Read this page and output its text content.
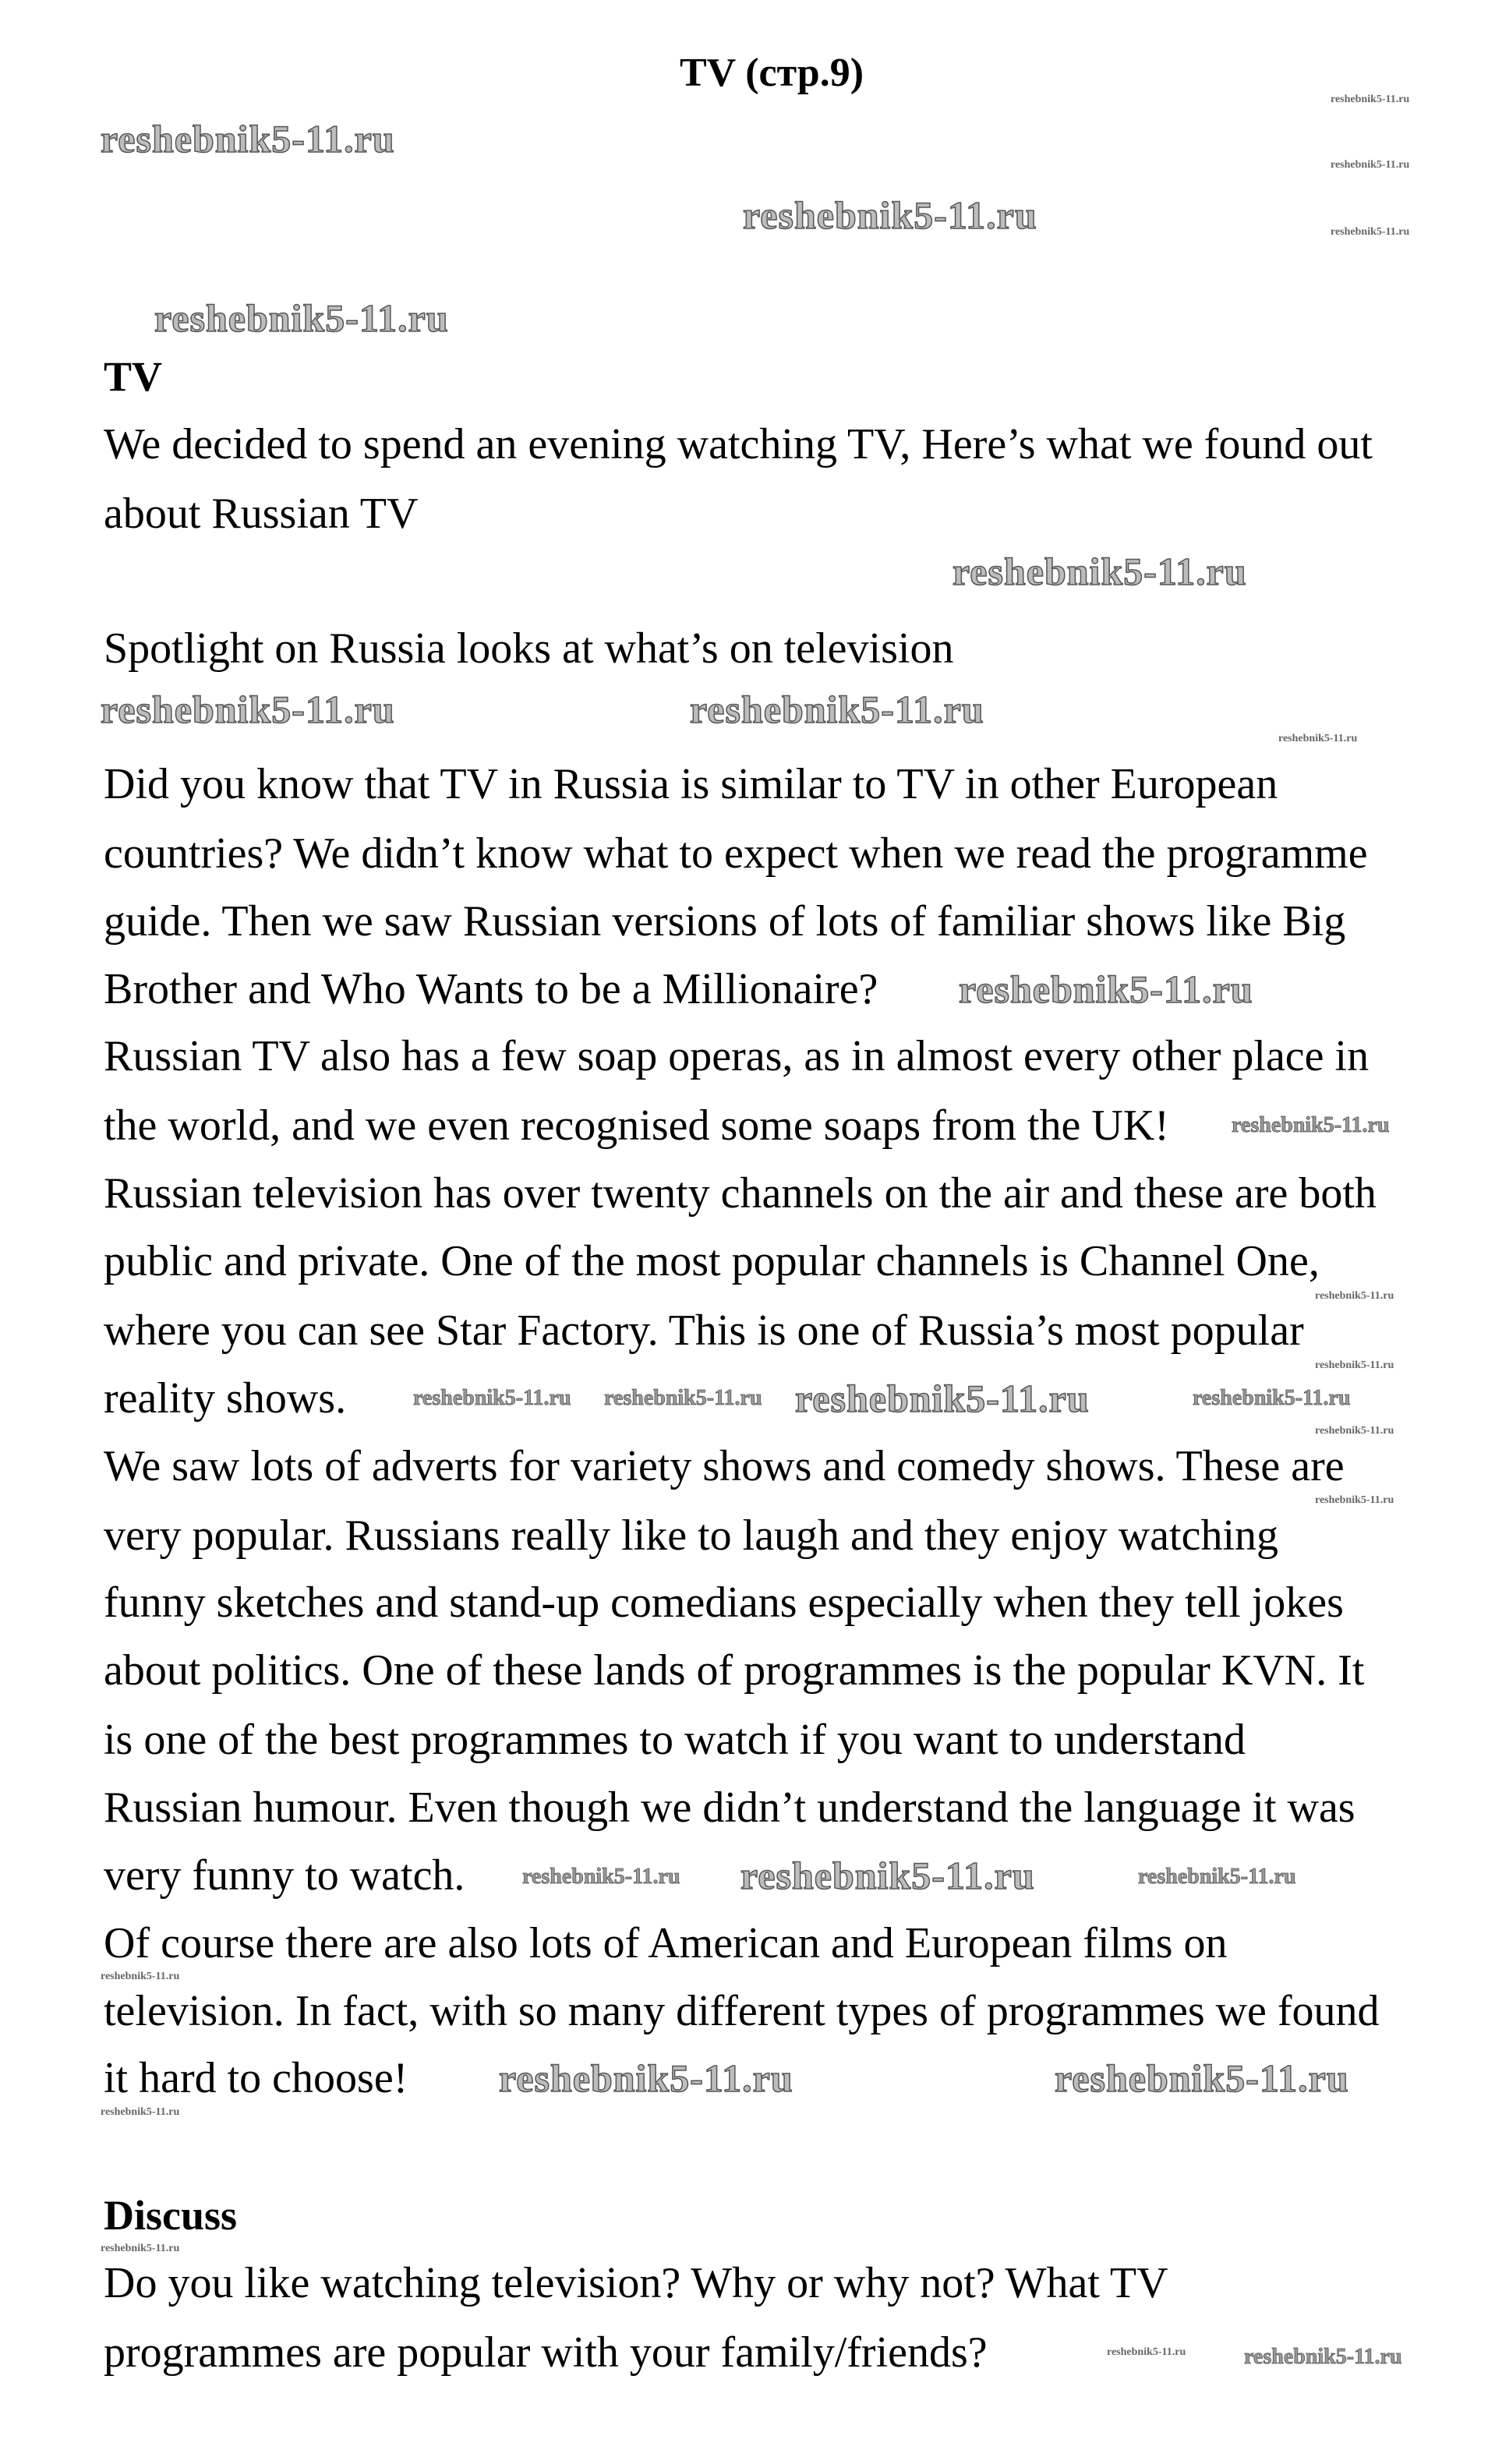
TV (стр.9)
TV
We decided to spend an evening watching TV, Here’s what we found out
about Russian TV
Spotlight on Russia looks at what’s on television
Did you know that TV in Russia is similar to TV in other European
countries? We didn’t know what to expect when we read the programme
guide. Then we saw Russian versions of lots of familiar shows like Big
Brother and Who Wants to be a Millionaire?
Russian TV also has a few soap operas, as in almost every other place in
the world, and we even recognised some soaps from the UK!
Russian television has over twenty channels on the air and these are both
public and private. One of the most popular channels is Channel One,
where you can see Star Factory. This is one of Russia’s most popular
reality shows.
We saw lots of adverts for variety shows and comedy shows. These are
very popular. Russians really like to laugh and they enjoy watching
funny sketches and stand-up comedians especially when they tell jokes
about politics. One of these lands of programmes is the popular KVN. It
is one of the best programmes to watch if you want to understand
Russian humour. Even though we didn’t understand the language it was
very funny to watch.
Of course there are also lots of American and European films on
television. In fact, with so many different types of programmes we found
it hard to choose!
Discuss
Do you like watching television? Why or why not? What TV
programmes are popular with your family/friends?
reshebnik5-11.ru
reshebnik5-11.ru
reshebnik5-11.ru
reshebnik5-11.ru
reshebnik5-11.ru	reshebnik5-11.ru
reshebnik5-11.ru
reshebnik5-11.ru
reshebnik5-11.ru
reshebnik5-11.ru	reshebnik5-11.ru
reshebnik5-11.ru
reshebnik5-11.ru reshebnik5-11.ru	reshebnik5-11.ru
reshebnik5-11.ru	reshebnik5-11.ru
reshebnik5-11.ru
reshebnik5-11.ru
reshebnik5-11.ru
reshebnik5-11.ru
reshebnik5-11.ru
reshebnik5-11.ru
reshebnik5-11.ru
reshebnik5-11.ru
reshebnik5-11.ru
reshebnik5-11.ru
reshebnik5-11.ru
reshebnik5-11.ru
reshebnik5-11.ru
